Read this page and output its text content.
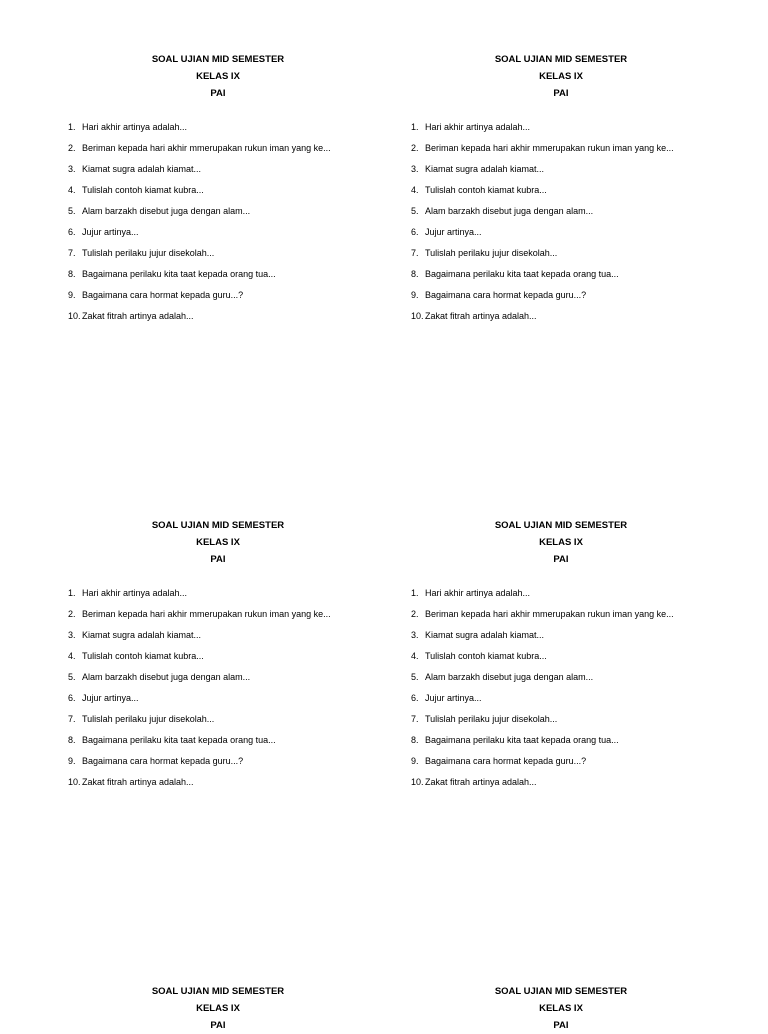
SOAL UJIAN MID SEMESTER
KELAS IX
PAI
1. Hari akhir artinya adalah...
2. Beriman kepada hari akhir mmerupakan rukun iman yang ke...
3. Kiamat sugra adalah kiamat...
4. Tulislah contoh kiamat kubra...
5. Alam barzakh disebut juga dengan alam...
6. Jujur artinya...
7. Tulislah perilaku jujur disekolah...
8. Bagaimana perilaku kita taat kepada orang tua...
9. Bagaimana cara hormat kepada guru...?
10. Zakat fitrah artinya adalah...
SOAL UJIAN MID SEMESTER
KELAS IX
PAI
1. Hari akhir artinya adalah...
2. Beriman kepada hari akhir mmerupakan rukun iman yang ke...
3. Kiamat sugra adalah kiamat...
4. Tulislah contoh kiamat kubra...
5. Alam barzakh disebut juga dengan alam...
6. Jujur artinya...
7. Tulislah perilaku jujur disekolah...
8. Bagaimana perilaku kita taat kepada orang tua...
9. Bagaimana cara hormat kepada guru...?
10. Zakat fitrah artinya adalah...
SOAL UJIAN MID SEMESTER
KELAS IX
PAI
1. Hari akhir artinya adalah...
2. Beriman kepada hari akhir mmerupakan rukun iman yang ke...
3. Kiamat sugra adalah kiamat...
4. Tulislah contoh kiamat kubra...
5. Alam barzakh disebut juga dengan alam...
6. Jujur artinya...
7. Tulislah perilaku jujur disekolah...
8. Bagaimana perilaku kita taat kepada orang tua...
9. Bagaimana cara hormat kepada guru...?
10. Zakat fitrah artinya adalah...
SOAL UJIAN MID SEMESTER
KELAS IX
PAI
1. Hari akhir artinya adalah...
2. Beriman kepada hari akhir mmerupakan rukun iman yang ke...
3. Kiamat sugra adalah kiamat...
4. Tulislah contoh kiamat kubra...
5. Alam barzakh disebut juga dengan alam...
6. Jujur artinya...
7. Tulislah perilaku jujur disekolah...
8. Bagaimana perilaku kita taat kepada orang tua...
9. Bagaimana cara hormat kepada guru...?
10. Zakat fitrah artinya adalah...
SOAL UJIAN MID SEMESTER
KELAS IX
PAI
SOAL UJIAN MID SEMESTER
KELAS IX
PAI
